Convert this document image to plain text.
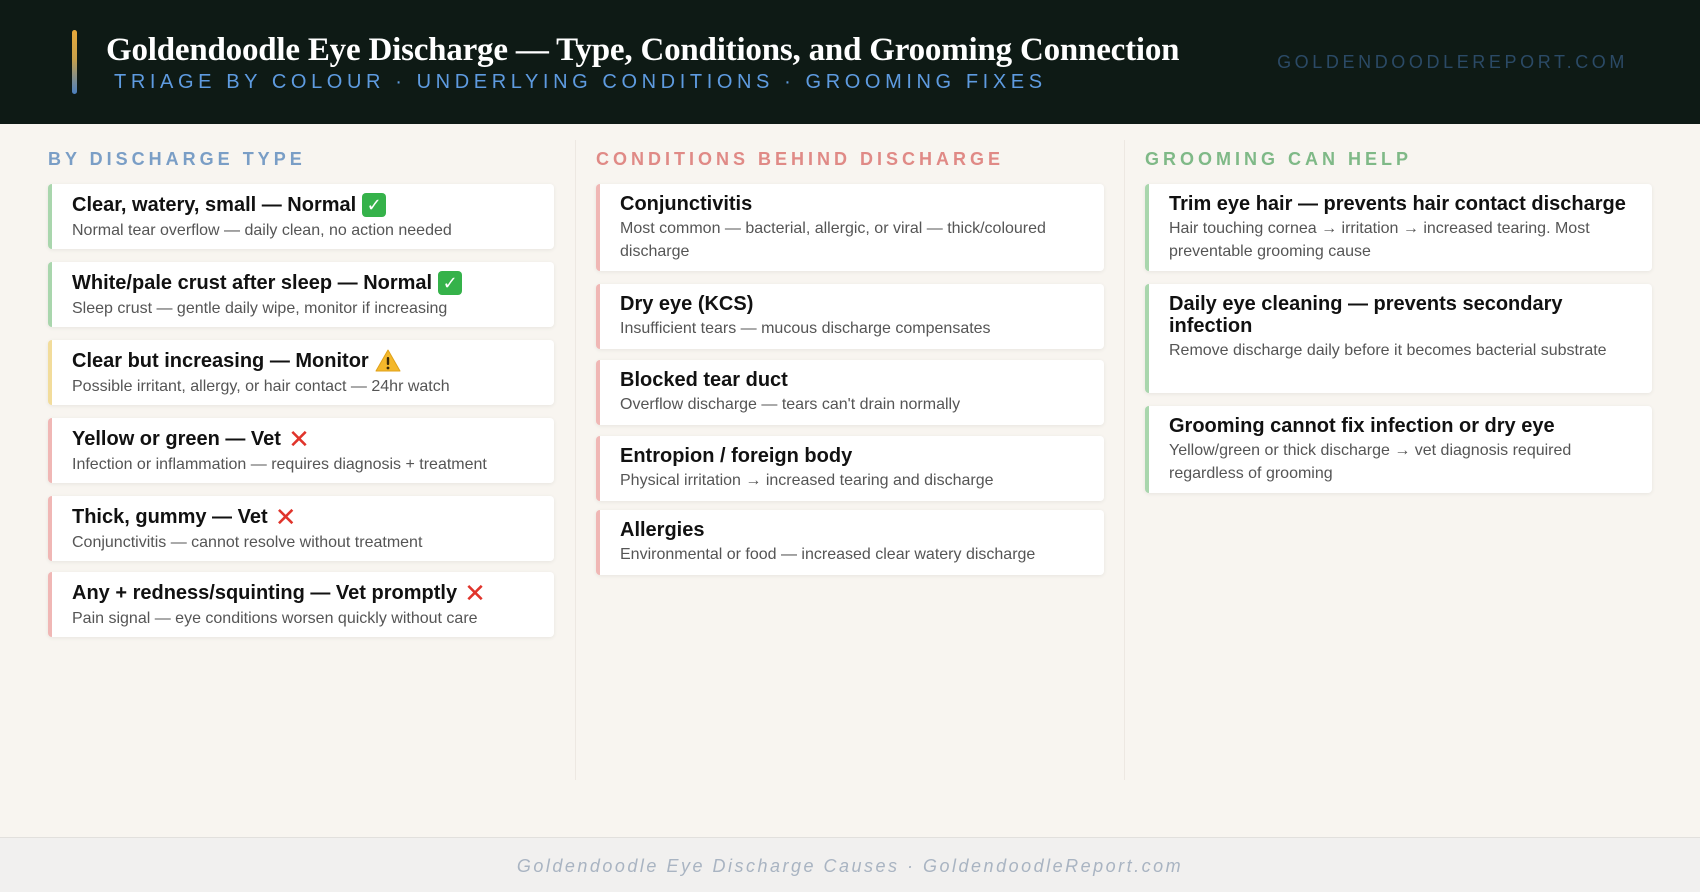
Goldendoodle Eye Discharge — Type, Conditions, and Grooming Connection
TRIAGE BY COLOUR · UNDERLYING CONDITIONS · GROOMING FIXES
GOLDENDOODLEREPORT.COM
BY DISCHARGE TYPE
Clear, watery, small — Normal ✓
Normal tear overflow — daily clean, no action needed
White/pale crust after sleep — Normal ✓
Sleep crust — gentle daily wipe, monitor if increasing
Clear but increasing — Monitor
Possible irritant, allergy, or hair contact — 24hr watch
Yellow or green — Vet ✕
Infection or inflammation — requires diagnosis + treatment
Thick, gummy — Vet ✕
Conjunctivitis — cannot resolve without treatment
Any + redness/squinting — Vet promptly ✕
Pain signal — eye conditions worsen quickly without care
CONDITIONS BEHIND DISCHARGE
Conjunctivitis
Most common — bacterial, allergic, or viral — thick/coloured discharge
Dry eye (KCS)
Insufficient tears — mucous discharge compensates
Blocked tear duct
Overflow discharge — tears can't drain normally
Entropion / foreign body
Physical irritation → increased tearing and discharge
Allergies
Environmental or food — increased clear watery discharge
GROOMING CAN HELP
Trim eye hair — prevents hair contact discharge
Hair touching cornea → irritation → increased tearing. Most preventable grooming cause
Daily eye cleaning — prevents secondary infection
Remove discharge daily before it becomes bacterial substrate
Grooming cannot fix infection or dry eye
Yellow/green or thick discharge → vet diagnosis required regardless of grooming
Goldendoodle Eye Discharge Causes · GoldendoodleReport.com
